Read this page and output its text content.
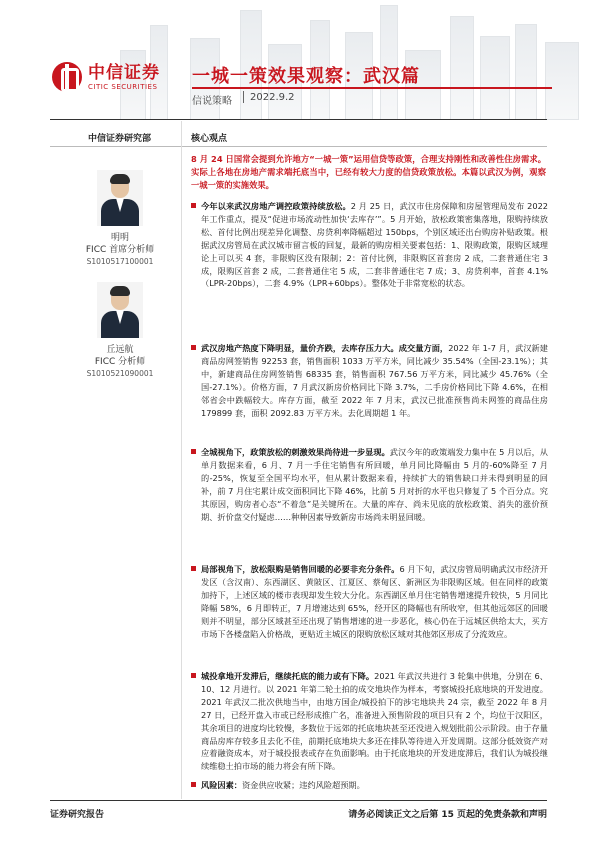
中信证券
CITIC SECURITIES 一城一策效果观察：武汉篇
信说策略 2022.9.2
中信证券研究部	核心观点
明明
FICC 首席分析师
S1010517100001
丘远航
FICC 分析师
S1010521090001
8 月 24 日国常会提到允许地方“一城一策”运用信贷等政策，合理支持刚性和改善性住房需求。实际上各地在房地产需求端托底当中，已经有较大力度的信贷政策放松。本篇以武汉为例，观察一城一策的实施效果。
今年以来武汉房地产调控政策持续放松。2 月 25 日，武汉市住房保障和房屋管理局发布 2022 年工作重点，提及“促进市场流动性加快‘去库存’”。5 月开始，放松政策密集落地，限购持续放松、首付比例出现差异化调整、房贷利率降幅超过 150bps，个别区域还出台购房补贴政策。根据武汉房管局在武汉城市留言板的回复，最新的购房相关要素包括：1、限购政策，限购区域理论上可以买 4 套，非限购区没有限制；2：首付比例，非限购区首套房 2 成，二套普通住宅 3 成，限购区首套 2 成，二套普通住宅 5 成，二套非普通住宅 7 成；3、房贷利率，首套 4.1%（LPR-20bps），二套 4.9%（LPR+60bps）。整体处于非常宽松的状态。
武汉房地产热度下降明显，量价齐跌，去库存压力大。成交量方面，2022 年 1-7 月，武汉新建商品房网签销售 92253 套，销售面积 1033 万平方米，同比减少 35.54%（全国-23.1%）；其中，新建商品住房网签销售 68335 套，销售面积 767.56 万平方米，同比减少 45.76%（全国-27.1%）。价格方面，7 月武汉新房价格同比下降 3.7%，二手房价格同比下降 4.6%，在相邻省会中跌幅较大。库存方面，截至 2022 年 7 月末，武汉已批准预售尚未网签的商品住房 179899 套，面积 2092.83 万平方米。去化周期超 1 年。
全城视角下，政策放松的刺激效果尚待进一步显现。武汉今年的政策端发力集中在 5 月以后，从单月数据来看，6 月、7 月一手住宅销售有所回暖，单月同比降幅由 5 月的-60%降至 7 月的-25%，恢复至全国平均水平，但从累计数据来看，持续扩大的销售缺口并未得到明显的回补，前 7 月住宅累计成交面积同比下降 46%，比前 5 月对折的水平也只修复了 5 个百分点。究其原因，购房者心态“不着急”是关键所在。大量的库存、尚未见底的放松政策、消失的涨价预期、折价盘交付疑虑……种种因素导致新房市场尚未明显回暖。
局部视角下，放松限购是销售回暖的必要非充分条件。6 月下旬，武汉房管局明确武汉市经济开发区（含汉南）、东西湖区、黄陂区、江夏区、蔡甸区、新洲区为非限购区域。但在同样的政策加持下，上述区域的楼市表现却发生较大分化。东西湖区单月住宅销售增速提升较快，5 月同比降幅 58%，6 月即转正，7 月增速达到 65%，经开区的降幅也有所收窄，但其他远郊区的回暖则并不明显，部分区域甚至还出现了销售增速的进一步恶化，核心仍在于远城区供给太大，买方市场下各楼盘陷入价格战，更贴近主城区的限购放松区域对其他郊区形成了分流效应。
城投拿地开发滞后，继续托底的能力或有下降。2021 年武汉共进行 3 轮集中供地，分别在 6、10、12 月进行。以 2021 年第二轮土拍的成交地块作为样本，考察城投托底地块的开发进度。2021 年武汉二批次供地当中，由地方国企/城投拍下的涉宅地块共 24 宗，截至 2022 年 8 月 27 日，已经开盘入市或已经形成推广名，准备进入预售阶段的项目只有 2 个，均位于汉阳区，其余项目的进度均比较慢，多数位于远郊的托底地块甚至还没进入规划批前公示阶段。由于存量商品房库存较多且去化不佳，前期托底地块大多还在排队等待进入开发周期。这部分低效资产对应着融资成本，对于城投报表或存在负面影响。由于托底地块的开发进度滞后，我们认为城投继续维稳土拍市场的能力将会有所下降。
风险因素：资金供应收紧；违约风险超预期。
证券研究报告	请务必阅读正文之后第 15 页起的免责条款和声明
